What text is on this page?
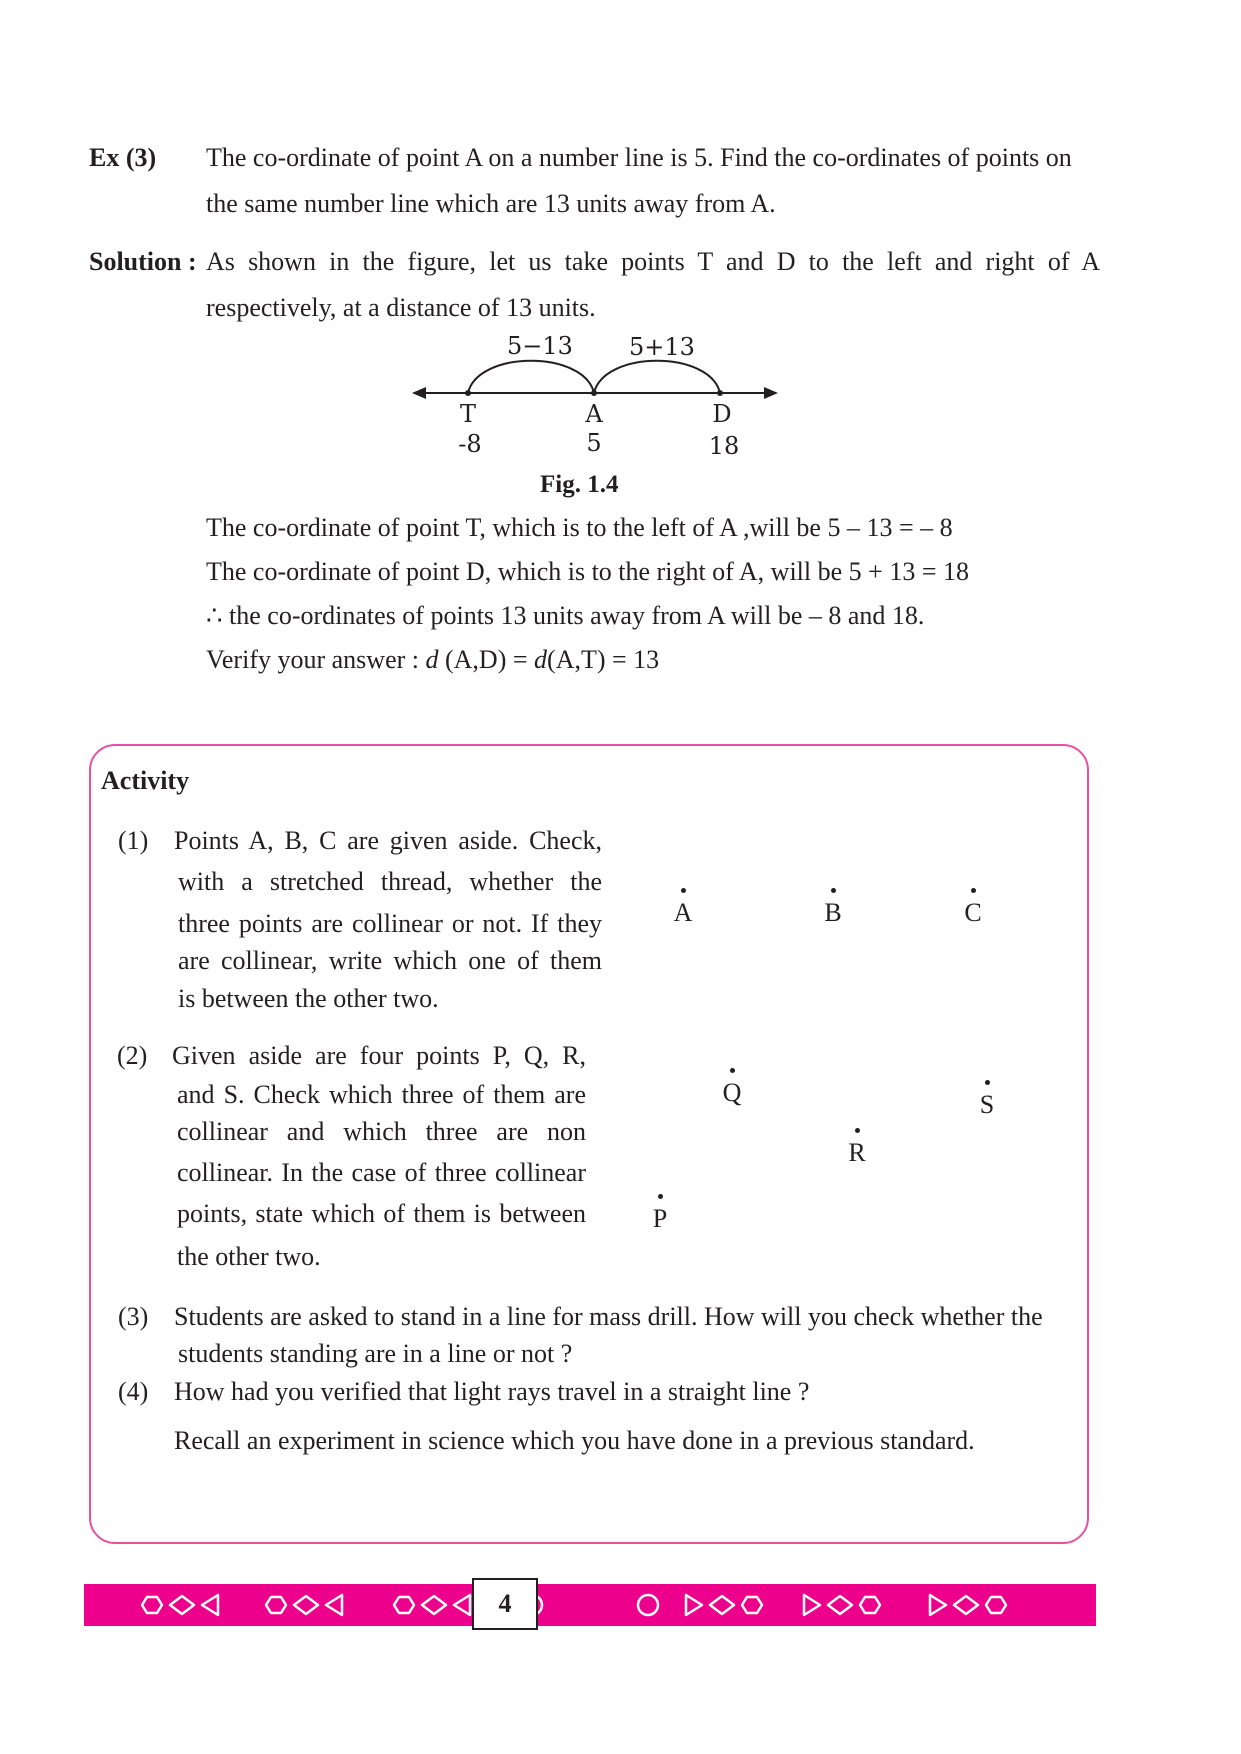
Ex (3) The co-ordinate of point A on a number line is 5. Find the co-ordinates of points on
the same number line which are 13 units away from A.
Solution : As shown in the figure, let us take points T and D to the left and right of A
respectively, at a distance of 13 units.
5−13 5+13
T	A	D
-8	5	18
Fig. 1.4
The co-ordinate of point T, which is to the left of A ,will be 5 – 13 = – 8
The co-ordinate of point D, which is to the right of A, will be 5 + 13 = 18
∴ the co-ordinates of points 13 units away from A will be – 8 and 18.
Verify your answer : d (A,D) = d(A,T) = 13
Activity
(1) Points A, B, C are given aside. Check,
with a stretched thread, whether the
three points are collinear or not. If they
are collinear, write which one of them
is between the other two.
A	B	C
(2) Given aside are four points P, Q, R,
and S. Check which three of them are
collinear and which three are non
collinear. In the case of three collinear
points, state which of them is between
the other two.
Q	S
R
P
(3) Students are asked to stand in a line for mass drill. How will you check whether the
students standing are in a line or not ?
(4) How had you verified that light rays travel in a straight line ?
Recall an experiment in science which you have done in a previous standard.
4
